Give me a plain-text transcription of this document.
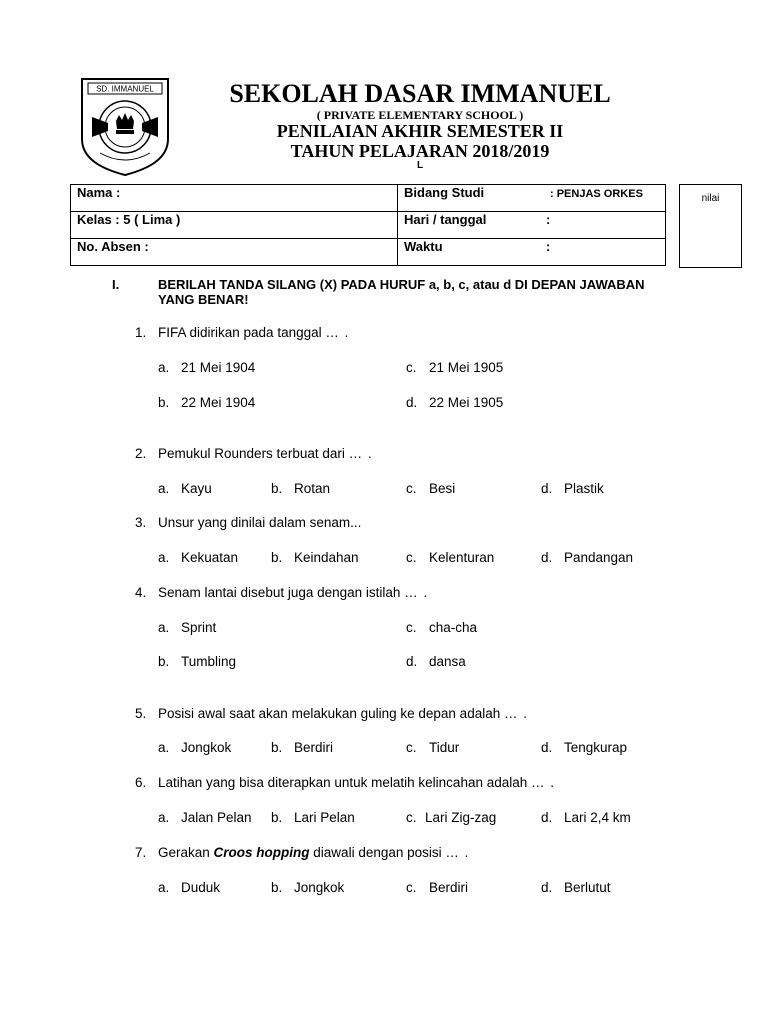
SD. IMMANUEL	SEKOLAH DASAR IMMANUEL
( PRIVATE ELEMENTARY SCHOOL )
PENILAIAN AKHIR SEMESTER II
TAHUN PELAJARAN 2018/2019
L
Nama :	Bidang Studi	: PENJAS ORKES
Kelas : 5 ( Lima )	Hari / tanggal	:
No. Absen :	Waktu	:
nilai
I.	BERILAH TANDA SILANG (X) PADA HURUF a, b, c, atau d DI DEPAN JAWABAN YANG BENAR!
1. FIFA didirikan pada tanggal … .
a. 21 Mei 1904	c. 21 Mei 1905
b. 22 Mei 1904	d. 22 Mei 1905
2. Pemukul Rounders terbuat dari … .
a. Kayu	b. Rotan	c. Besi	d. Plastik
3. Unsur yang dinilai dalam senam...
a. Kekuatan b. Keindahan	c. Kelenturan	d. Pandangan
4. Senam lantai disebut juga dengan istilah … .
a. Sprint	c. cha-cha
b. Tumbling	d. dansa
5. Posisi awal saat akan melakukan guling ke depan adalah … .
a. Jongkok	b. Berdiri	c. Tidur	d. Tengkurap
6. Latihan yang bisa diterapkan untuk melatih kelincahan adalah … .
a. Jalan Pelan b. Lari Pelan	c. Lari Zig-zag	d. Lari 2,4 km
7. Gerakan Croos hopping diawali dengan posisi … .
a. Duduk	b. Jongkok	c. Berdiri	d. Berlutut
